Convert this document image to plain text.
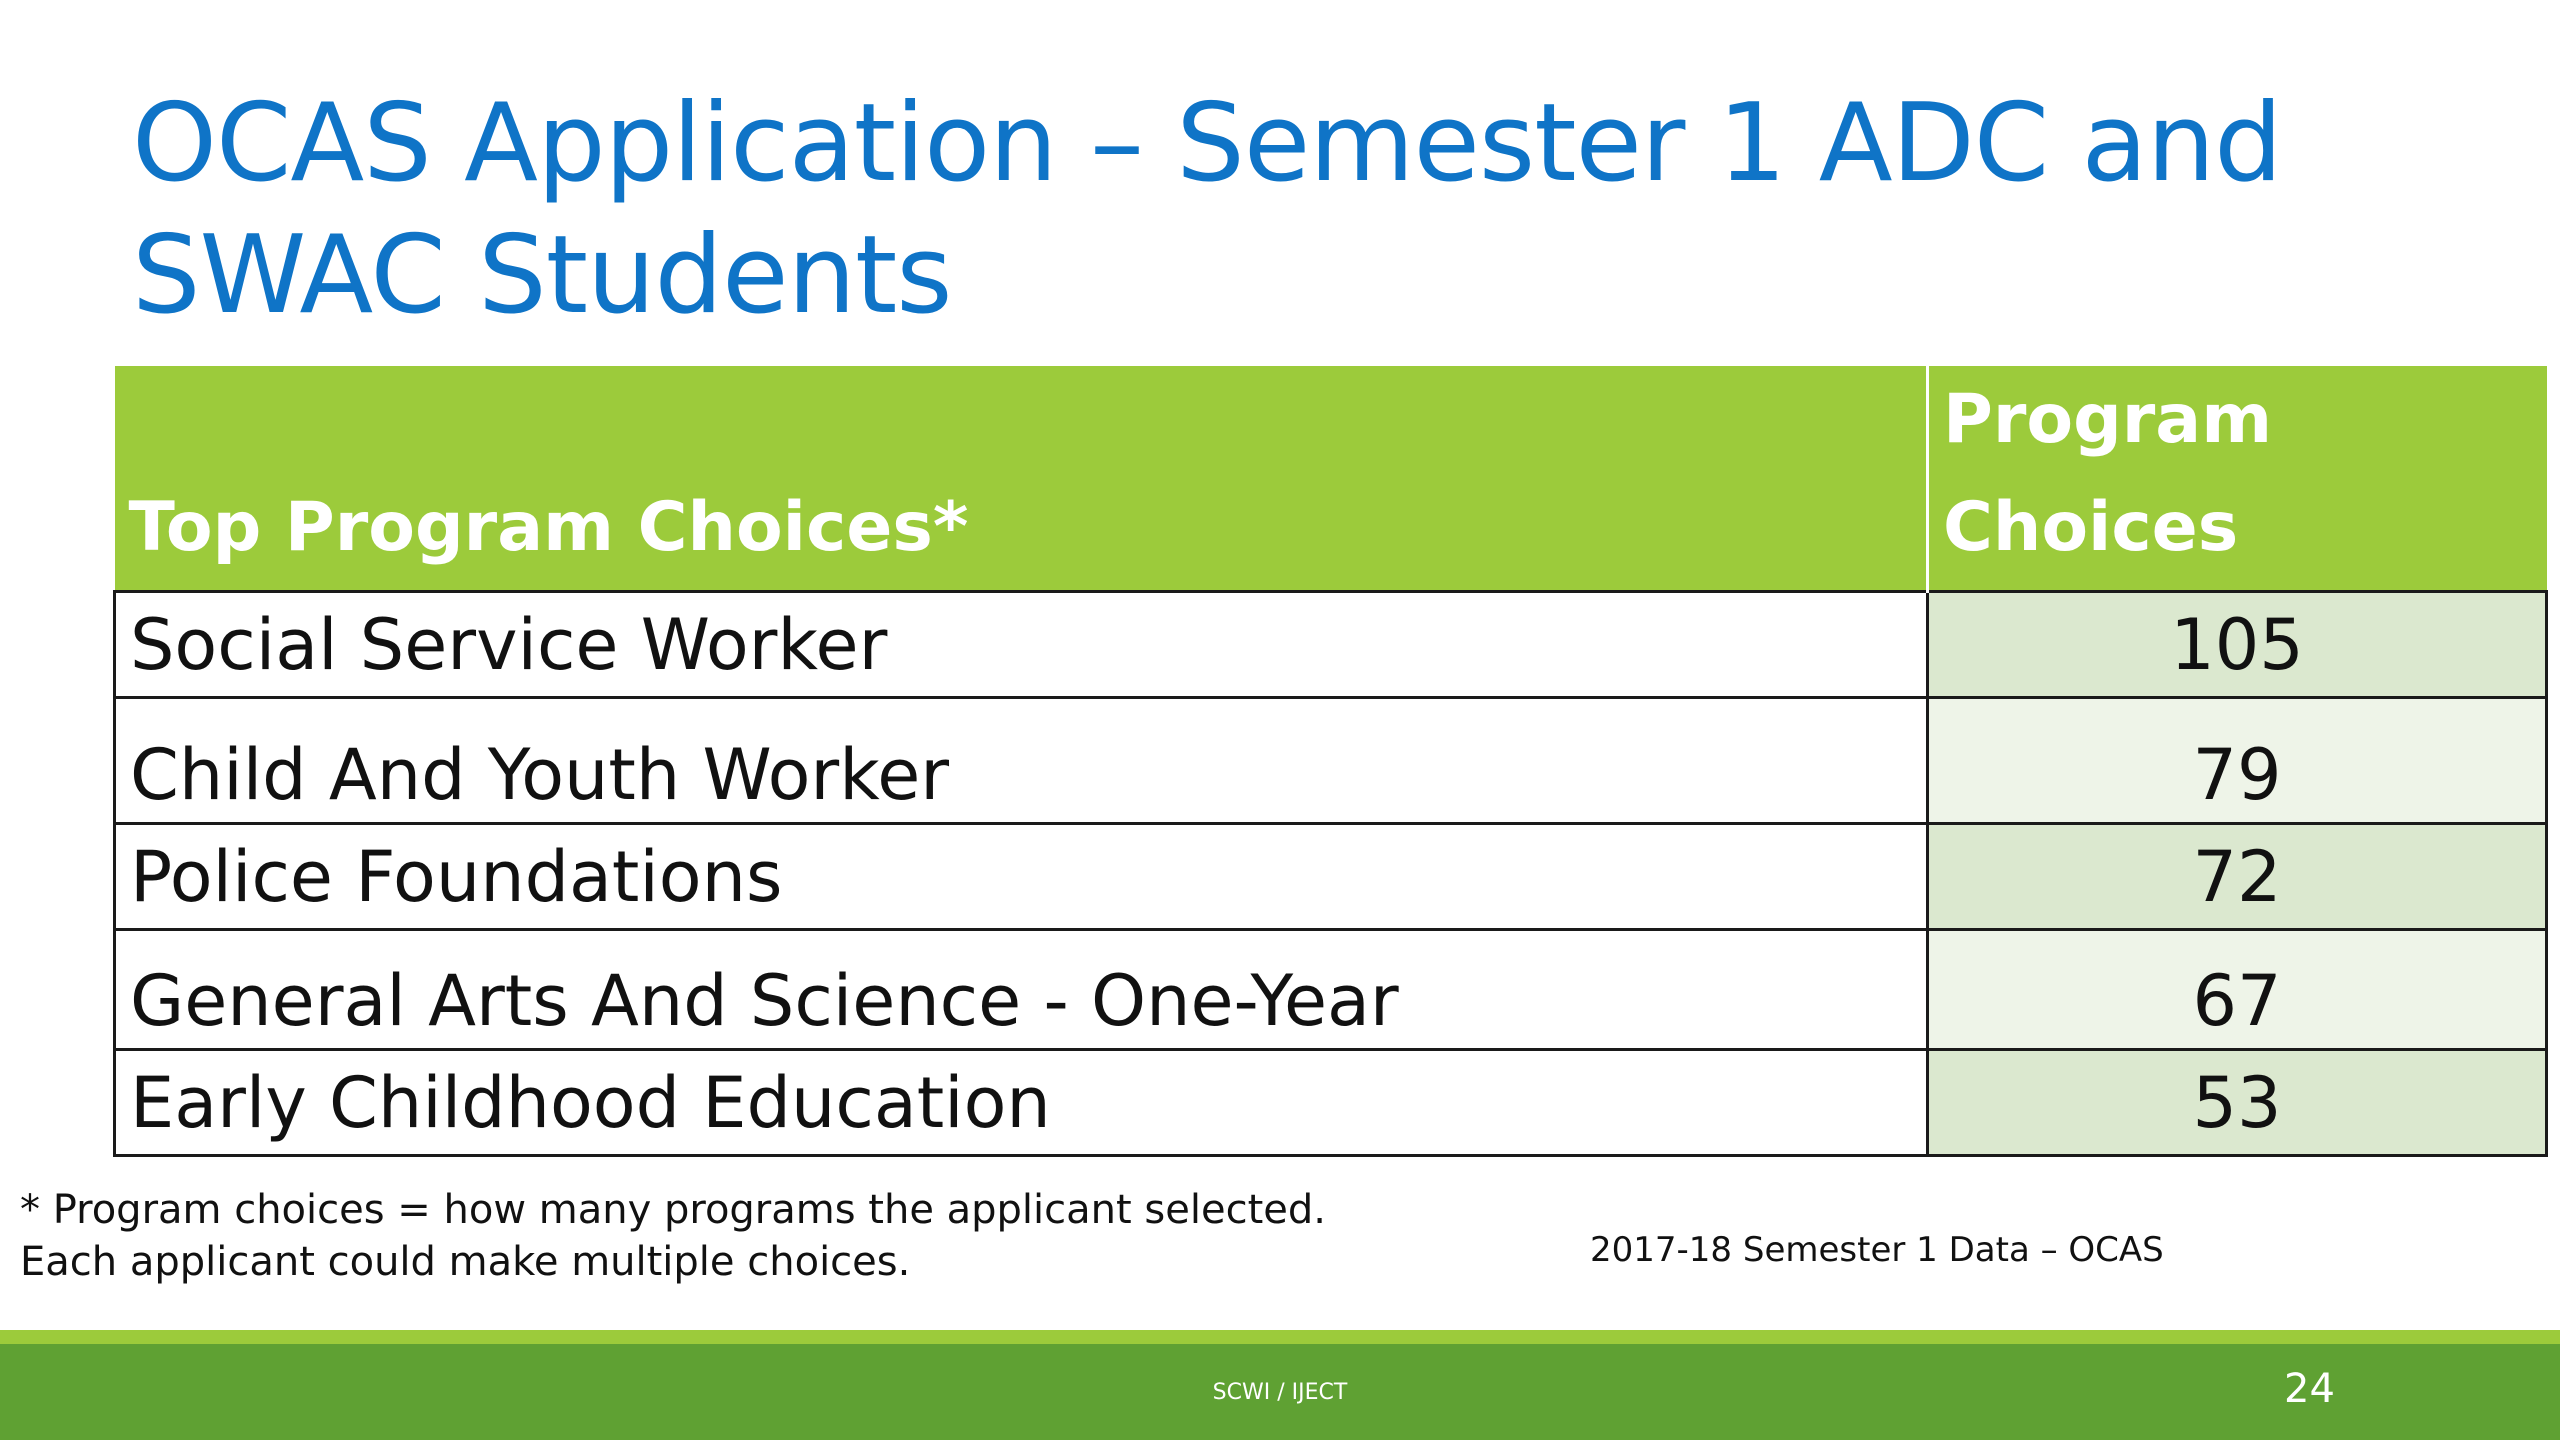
OCAS Application – Semester 1 ADC and SWAC Students
Top Program Choices*	Program Choices
Social Service Worker	105
Child And Youth Worker	79
Police Foundations	72
General Arts And Science - One-Year	67
Early Childhood Education	53
* Program choices = how many programs the applicant selected.
Each applicant could make multiple choices.	2017-18 Semester 1 Data – OCAS
SCWI / IJECT	24
